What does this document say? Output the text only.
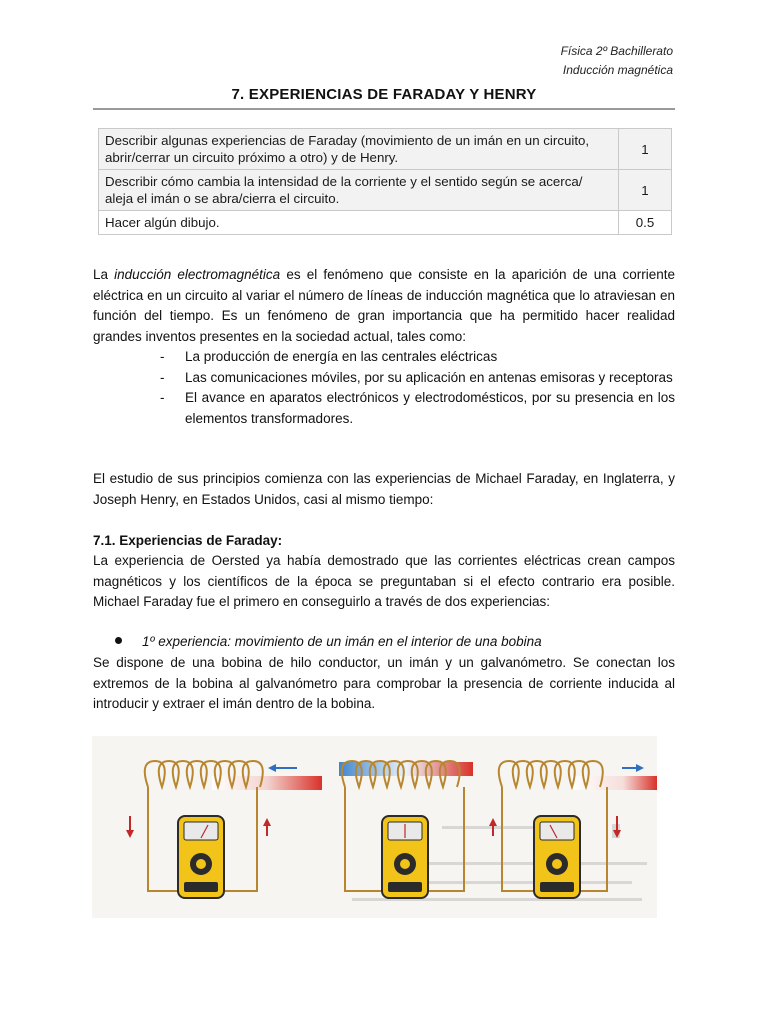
Física 2º Bachillerato
Inducción magnética
7. EXPERIENCIAS DE FARADAY Y HENRY
Describir algunas experiencias de Faraday (movimiento de un imán en un circuito, abrir/cerrar un circuito próximo a otro) y de Henry.	1
Describir cómo cambia la intensidad de la corriente y el sentido según se acerca/ aleja el imán o se abra/cierra el circuito.	1
Hacer algún dibujo.	0.5
La inducción electromagnética es el fenómeno que consiste en la aparición de una corriente eléctrica en un circuito al variar el número de líneas de inducción magnética que lo atraviesan en función del tiempo. Es un fenómeno de gran importancia que ha permitido hacer realidad grandes inventos presentes en la sociedad actual, tales como:
- La producción de energía en las centrales eléctricas
- Las comunicaciones móviles, por su aplicación en antenas emisoras y receptoras
- El avance en aparatos electrónicos y electrodomésticos, por su presencia en los elementos transformadores.
El estudio de sus principios comienza con las experiencias de Michael Faraday, en Inglaterra, y Joseph Henry, en Estados Unidos, casi al mismo tiempo:
7.1. Experiencias de Faraday:
La experiencia de Oersted ya había demostrado que las corrientes eléctricas crean campos magnéticos y los científicos de la época se preguntaban si el efecto contrario era posible. Michael Faraday fue el primero en conseguirlo a través de dos experiencias:
1º experiencia: movimiento de un imán en el interior de una bobina
Se dispone de una bobina de hilo conductor, un imán y un galvanómetro. Se conectan los extremos de la bobina al galvanómetro para comprobar la presencia de corriente inducida al introducir y extraer el imán dentro de la bobina.
